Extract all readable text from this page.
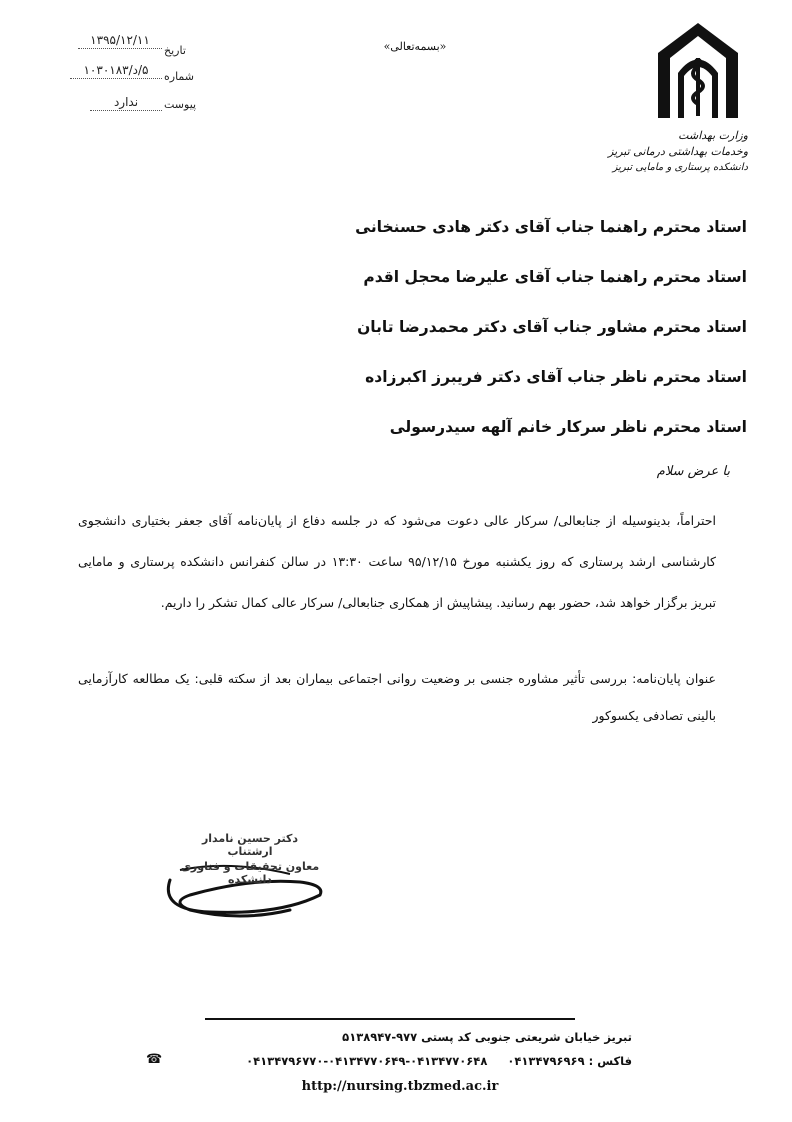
وزارت بهداشت
وخدمات بهداشتی درمانی تبریز
دانشکده پرستاری و مامایی تبریز
«بسمه‌تعالی»
تاریخ
۱۳۹۵/۱۲/۱۱
شماره
۵/د/۱۰۳۰۱۸۳
پیوست
ندارد
استاد محترم راهنما جناب آقای دکتر هادی حسنخانی
استاد محترم راهنما جناب آقای علیرضا محجل اقدم
استاد محترم مشاور جناب آقای دکتر محمدرضا تابان
استاد محترم ناظر جناب آقای دکتر فریبرز اکبرزاده
استاد محترم ناظر سرکار خانم آلهه سیدرسولی
با عرض سلام

احتراماً، بدینوسیله از جنابعالی/ سرکار عالی دعوت می‌شود که در جلسه دفاع از پایان‌نامه آقای جعفر بختیاری دانشجوی کارشناسی ارشد پرستاری که روز یکشنبه مورخ ۹۵/۱۲/۱۵ ساعت ۱۳:۳۰ در سالن کنفرانس دانشکده پرستاری و مامایی تبریز برگزار خواهد شد، حضور بهم رسانید. پیشاپیش از همکاری جنابعالی/ سرکار عالی کمال تشکر را داریم.

عنوان پایان‌نامه: بررسی تأثیر مشاوره جنسی بر وضعیت روانی اجتماعی بیماران بعد از سکته قلبی: یک مطالعه کارآزمایی بالینی تصادفی یکسوکور

دکتر حسین نامدار ارشتناب
معاون تحقیقات و فناوری دانشکده
تبریز خیابان شریعتی جنوبی کد پستی ۹۷۷-۵۱۳۸۹۴۷
فاکس : ۰۴۱۳۴۷۹۶۹۶۹  ۰۴۱۳۴۷۷۰۶۴۸-۰۴۱۳۴۷۷۰۶۴۹-۰۴۱۳۴۷۹۶۷۷۰
☎
http://nursing.tbzmed.ac.ir
